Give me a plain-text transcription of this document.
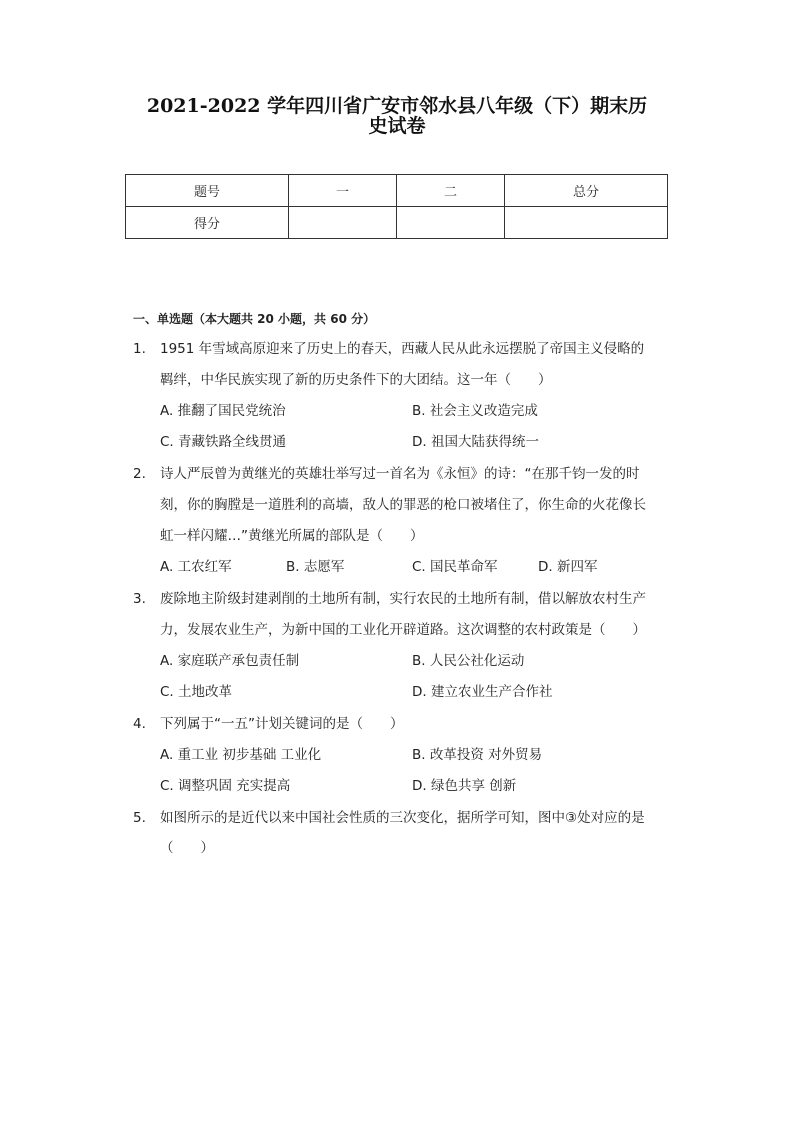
2021-2022 学年四川省广安市邻水县八年级（下）期末历
史试卷
题号	一	二	总分
得分			
一、单选题（本大题共 20 小题，共 60 分）
1. 1951 年雪域高原迎来了历史上的春天，西藏人民从此永远摆脱了帝国主义侵略的
羁绊，中华民族实现了新的历史条件下的大团结。这一年（　　）
A. 推翻了国民党统治	B. 社会主义改造完成
C. 青藏铁路全线贯通	D. 祖国大陆获得统一
2. 诗人严辰曾为黄继光的英雄壮举写过一首名为《永恒》的诗：“在那千钧一发的时
刻，你的胸膛是一道胜利的高墙，敌人的罪恶的枪口被堵住了，你生命的火花像长
虹一样闪耀…”黄继光所属的部队是（　　）
A. 工农红军	B. 志愿军	C. 国民革命军	D. 新四军
3. 废除地主阶级封建剥削的土地所有制，实行农民的土地所有制，借以解放农村生产
力，发展农业生产，为新中国的工业化开辟道路。这次调整的农村政策是（　　）
A. 家庭联产承包责任制	B. 人民公社化运动
C. 土地改革	D. 建立农业生产合作社
4. 下列属于“一五”计划关键词的是（　　）
A. 重工业 初步基础 工业化	B. 改革投资 对外贸易
C. 调整巩固 充实提高	D. 绿色共享 创新
5. 如图所示的是近代以来中国社会性质的三次变化，据所学可知，图中③处对应的是
（　　）
